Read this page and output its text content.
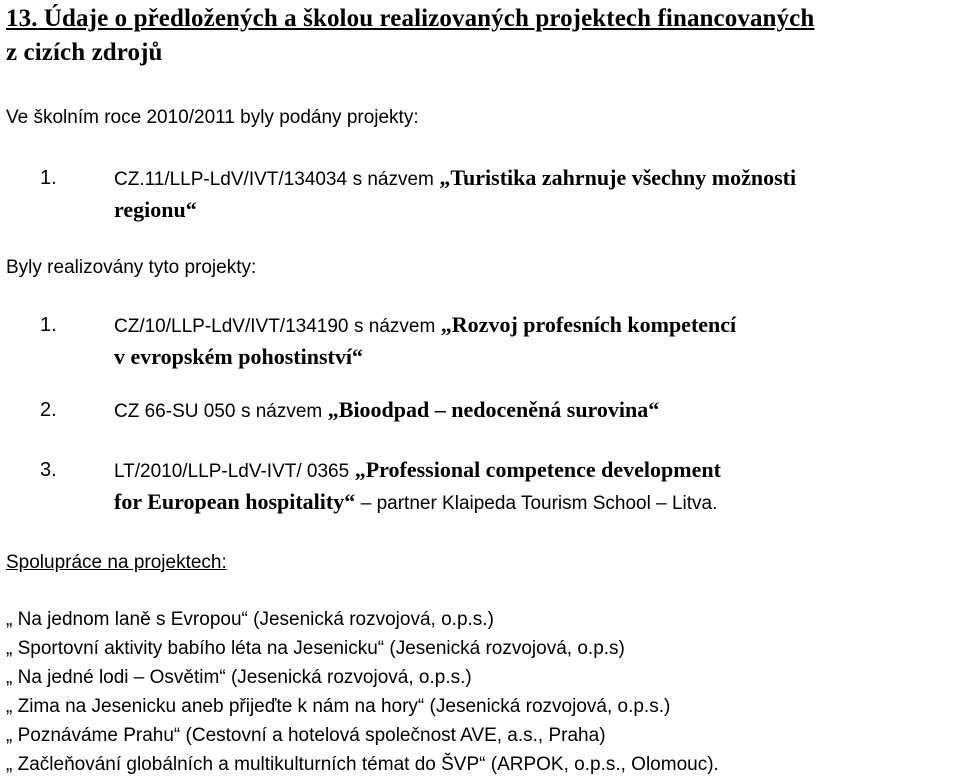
13. Údaje o předložených a školou realizovaných projektech financovaných
z cizích zdrojů
Ve školním roce 2010/2011 byly podány projekty:
1.	CZ.11/LLP-LdV/IVT/134034 s názvem „Turistika zahrnuje všechny možnosti
regionu“
Byly realizovány tyto projekty:
1.	CZ/10/LLP-LdV/IVT/134190 s názvem „Rozvoj profesních kompetencí
v evropském pohostinství“
2.	CZ 66-SU 050 s názvem „Bioodpad – nedoceněná surovina“
3.	LT/2010/LLP-LdV-IVT/ 0365 „Professional competence development
for European hospitality“ – partner Klaipeda Tourism School – Litva.
Spolupráce na projektech:
„ Na jednom laně s Evropou“ (Jesenická rozvojová, o.p.s.)
„ Sportovní aktivity babího léta na Jesenicku“ (Jesenická rozvojová, o.p.s)
„ Na jedné lodi – Osvětim“ (Jesenická rozvojová, o.p.s.)
„ Zima na Jesenicku aneb přijeďte k nám na hory“ (Jesenická rozvojová, o.p.s.)
„ Poznáváme Prahu“ (Cestovní a hotelová společnost AVE, a.s., Praha)
„ Začleňování globálních a multikulturních témat do ŠVP“ (ARPOK, o.p.s., Olomouc).
